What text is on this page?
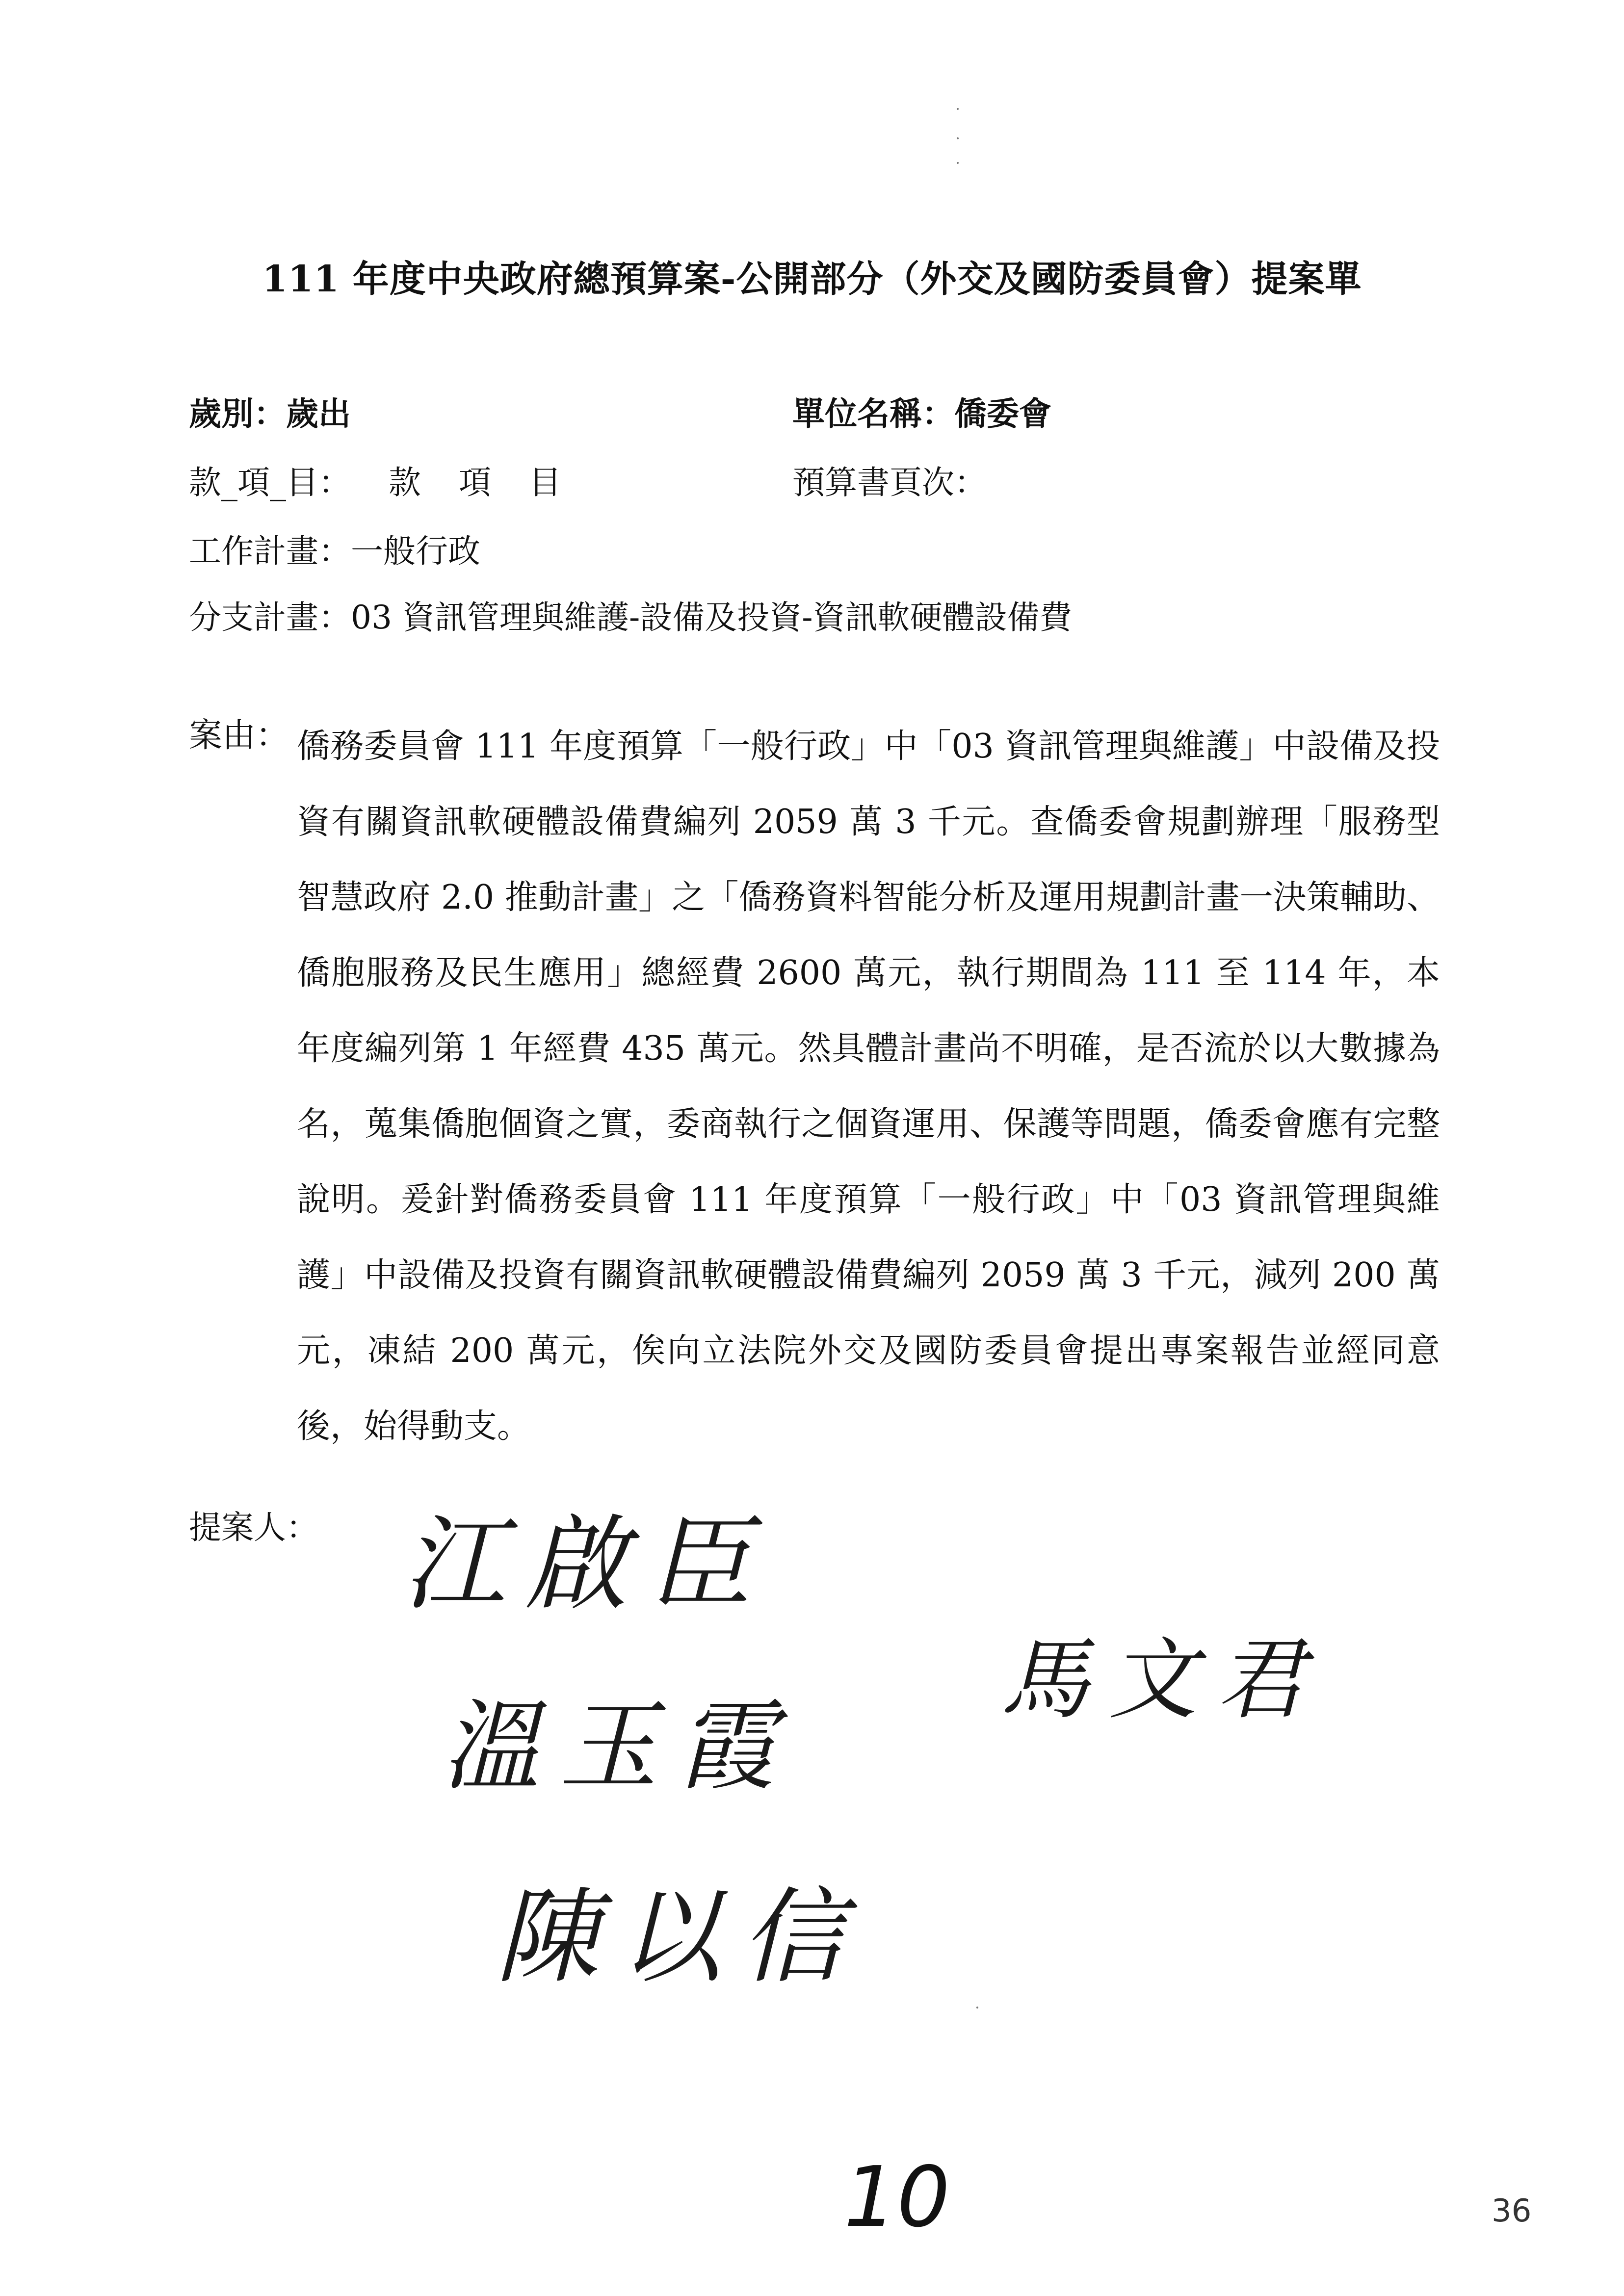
111 年度中央政府總預算案-公開部分（外交及國防委員會）提案單
歲別：歲出	單位名稱：僑委會
款_項_目： 款 項 目	預算書頁次：
工作計畫：一般行政
分支計畫：03 資訊管理與維護-設備及投資-資訊軟硬體設備費
案由： 僑務委員會 111 年度預算「一般行政」中「03 資訊管理與維護」中設備及投資有關資訊軟硬體設備費編列 2059 萬 3 千元。查僑委會規劃辦理「服務型智慧政府 2.0 推動計畫」之「僑務資料智能分析及運用規劃計畫一決策輔助、僑胞服務及民生應用」總經費 2600 萬元，執行期間為 111 至 114 年，本年度編列第 1 年經費 435 萬元。然具體計畫尚不明確，是否流於以大數據為名，蒐集僑胞個資之實，委商執行之個資運用、保護等問題，僑委會應有完整說明。爰針對僑務委員會 111 年度預算「一般行政」中「03 資訊管理與維護」中設備及投資有關資訊軟硬體設備費編列 2059 萬 3 千元，減列 200 萬元，凍結 200 萬元，俟向立法院外交及國防委員會提出專案報告並經同意後，始得動支。
提案人： 江啟臣
溫玉霞
馬文君
陳以信
10	36
